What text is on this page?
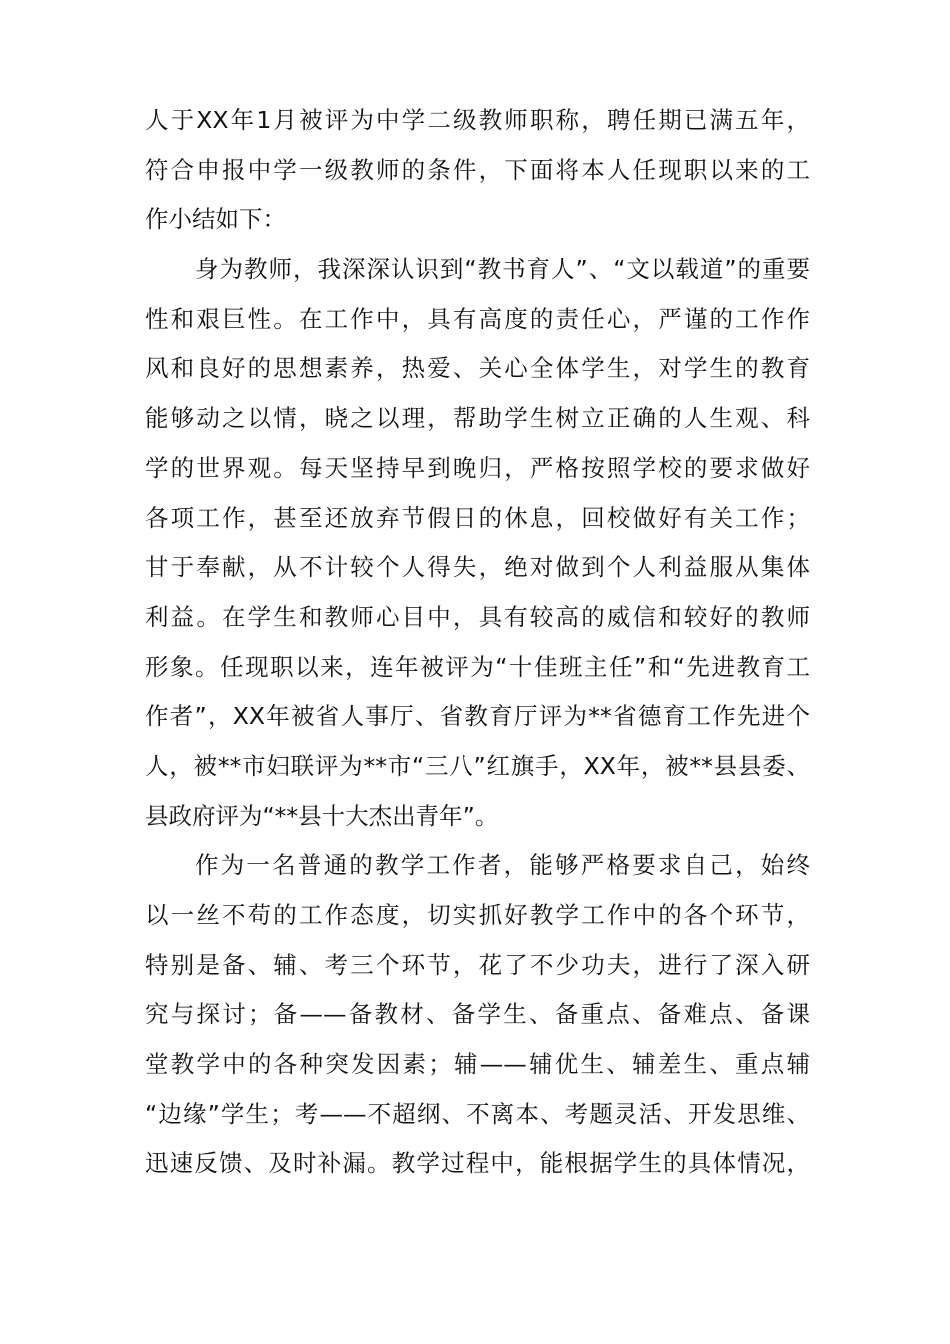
人于XX年1月被评为中学二级教师职称，聘任期已满五年，
符合申报中学一级教师的条件，下面将本人任现职以来的工
作小结如下：
身为教师，我深深认识到“教书育人”、“文以载道”的重要
性和艰巨性。在工作中，具有高度的责任心，严谨的工作作
风和良好的思想素养，热爱、关心全体学生，对学生的教育
能够动之以情，晓之以理，帮助学生树立正确的人生观、科
学的世界观。每天坚持早到晚归，严格按照学校的要求做好
各项工作，甚至还放弃节假日的休息，回校做好有关工作；
甘于奉献，从不计较个人得失，绝对做到个人利益服从集体
利益。在学生和教师心目中，具有较高的威信和较好的教师
形象。任现职以来，连年被评为“十佳班主任”和“先进教育工
作者”，XX年被省人事厅、省教育厅评为**省德育工作先进个
人，被**市妇联评为**市“三八”红旗手，XX年，被**县县委、
县政府评为“**县十大杰出青年”。
作为一名普通的教学工作者，能够严格要求自己，始终
以一丝不苟的工作态度，切实抓好教学工作中的各个环节，
特别是备、辅、考三个环节，花了不少功夫，进行了深入研
究与探讨；备——备教材、备学生、备重点、备难点、备课
堂教学中的各种突发因素；辅——辅优生、辅差生、重点辅
“边缘”学生；考——不超纲、不离本、考题灵活、开发思维、
迅速反馈、及时补漏。教学过程中，能根据学生的具体情况，
